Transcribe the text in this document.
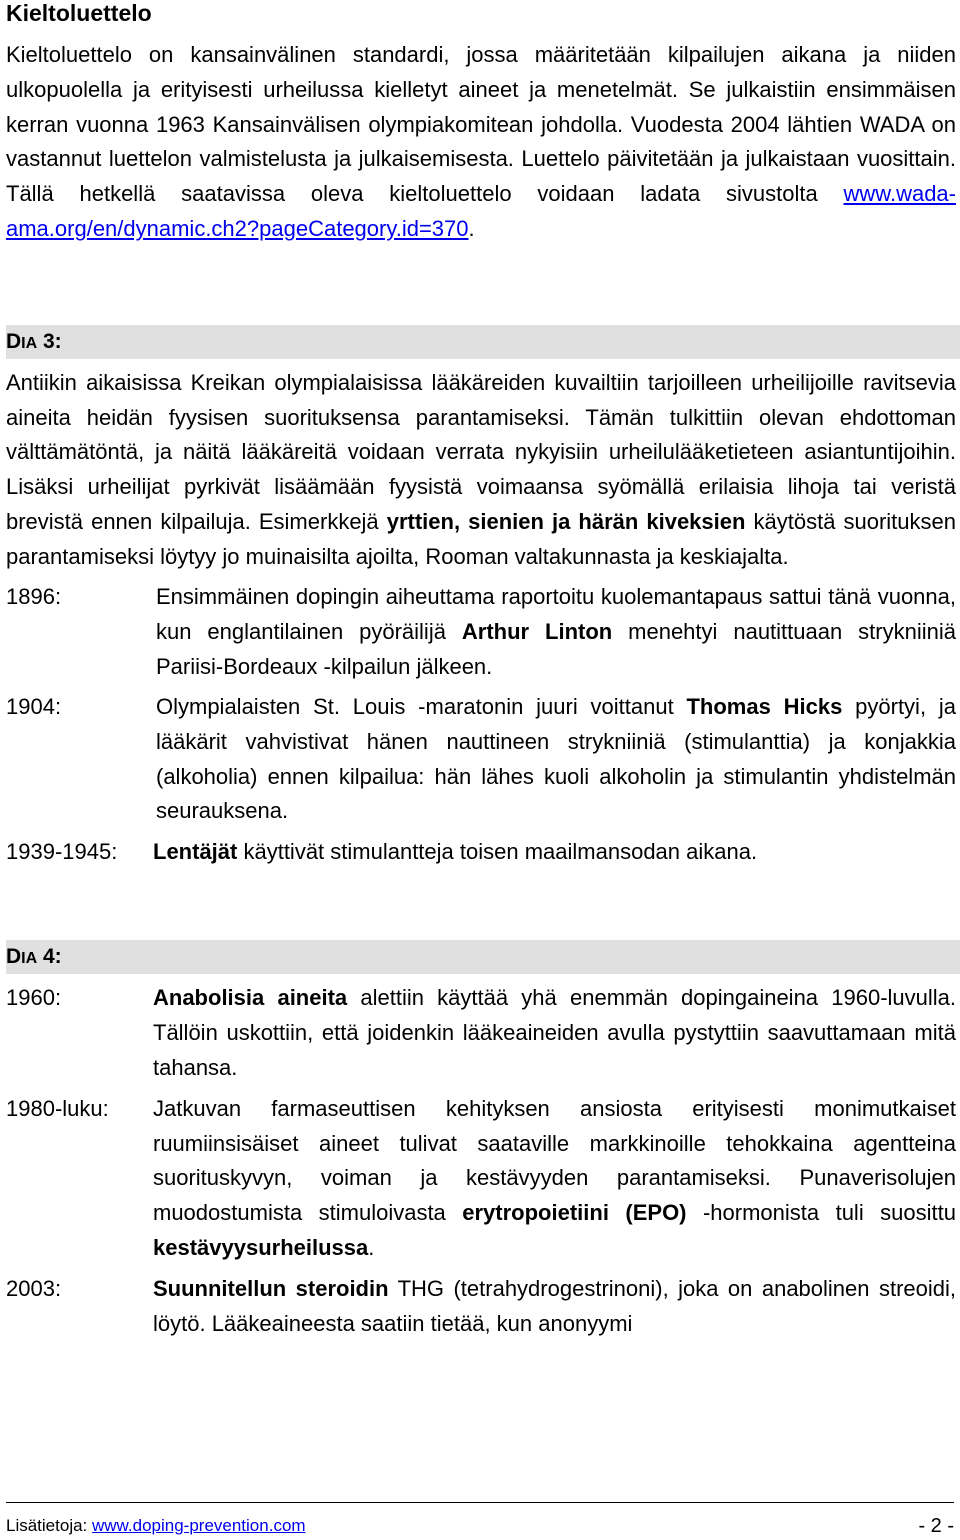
Kieltoluettelo

Kieltoluettelo on kansainvälinen standardi, jossa määritetään kilpailujen aikana ja niiden ulkopuolella ja erityisesti urheilussa kielletyt aineet ja menetelmät. Se julkaistiin ensimmäisen kerran vuonna 1963 Kansainvälisen olympiakomitean johdolla. Vuodesta 2004 lähtien WADA on vastannut luettelon valmistelusta ja julkaisemisesta. Luettelo päivitetään ja julkaistaan vuosittain. Tällä hetkellä saatavissa oleva kieltoluettelo voidaan ladata sivustolta www.wada-ama.org/en/dynamic.ch2?pageCategory.id=370.

DIA 3:

Antiikin aikaisissa Kreikan olympialaisissa lääkäreiden kuvailtiin tarjoilleen urheilijoille ravitsevia aineita heidän fyysisen suorituksensa parantamiseksi. Tämän tulkittiin olevan ehdottoman välttämätöntä, ja näitä lääkäreitä voidaan verrata nykyisiin urheilulääketieteen asiantuntijoihin. Lisäksi urheilijat pyrkivät lisäämään fyysistä voimaansa syömällä erilaisia lihoja tai veristä brevistä ennen kilpailuja. Esimerkkejä yrttien, sienien ja härän kiveksien käytöstä suorituksen parantamiseksi löytyy jo muinaisilta ajoilta, Rooman valtakunnasta ja keskiajalta.

1896:	Ensimmäinen dopingin aiheuttama raportoitu kuolemantapaus sattui tänä vuonna, kun englantilainen pyöräilijä Arthur Linton menehtyi nautittuaan strykniiniä Pariisi-Bordeaux -kilpailun jälkeen.
1904:	Olympialaisten St. Louis -maratonin juuri voittanut Thomas Hicks pyörtyi, ja lääkärit vahvistivat hänen nauttineen strykniiniä (stimulanttia) ja konjakkia (alkoholia) ennen kilpailua: hän lähes kuoli alkoholin ja stimulantin yhdistelmän seurauksena.
1939-1945:	Lentäjät käyttivät stimulantteja toisen maailmansodan aikana.
DIA 4:
1960:	Anabolisia aineita alettiin käyttää yhä enemmän dopingaineina 1960-luvulla. Tällöin uskottiin, että joidenkin lääkeaineiden avulla pystyttiin saavuttamaan mitä tahansa.
1980-luku:	Jatkuvan farmaseuttisen kehityksen ansiosta erityisesti monimutkaiset ruumiinsisäiset aineet tulivat saataville markkinoille tehokkaina agentteina suorituskyvyn, voiman ja kestävyyden parantamiseksi. Punaverisolujen muodostumista stimuloivasta erytropoietiini (EPO) -hormonista tuli suosittu kestävyysurheilussa.
2003:	Suunnitellun steroidin THG (tetrahydrogestrinoni), joka on anabolinen streoidi, löytö. Lääkeaineesta saatiin tietää, kun anonyymi
Lisätietoja: www.doping-prevention.com	- 2 -
